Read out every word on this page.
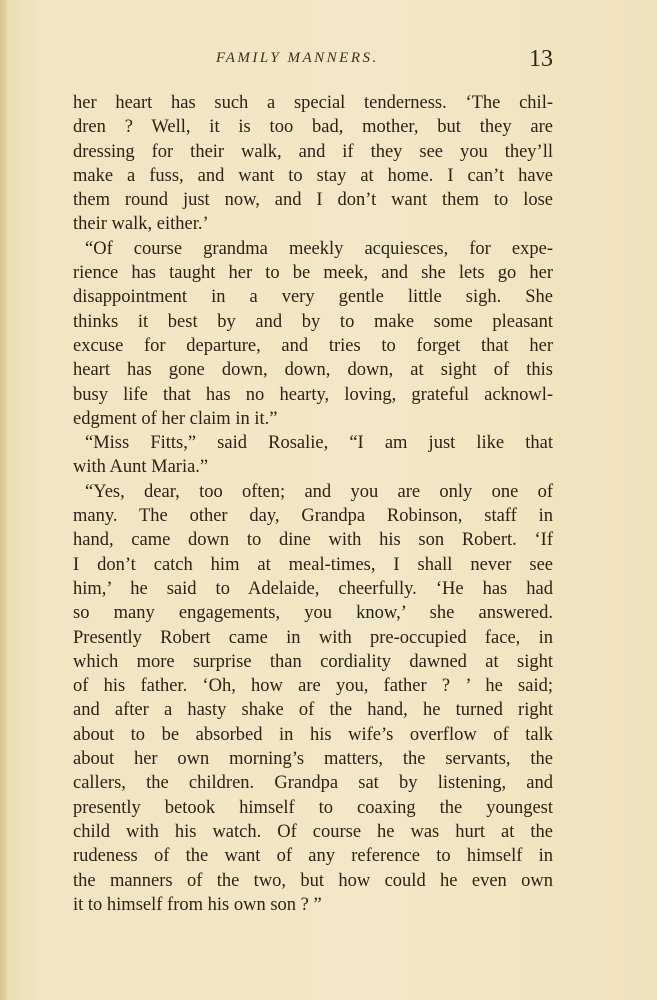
FAMILY MANNERS.	13
her heart has such a special tenderness. ‘The chil-
dren ? Well, it is too bad, mother, but they are
dressing for their walk, and if they see you they’ll
make a fuss, and want to stay at home. I can’t have
them round just now, and I don’t want them to lose
their walk, either.’
“Of course grandma meekly acquiesces, for expe-
rience has taught her to be meek, and she lets go her
disappointment in a very gentle little sigh. She
thinks it best by and by to make some pleasant
excuse for departure, and tries to forget that her
heart has gone down, down, down, at sight of this
busy life that has no hearty, loving, grateful acknowl-
edgment of her claim in it.”
“Miss Fitts,” said Rosalie, “I am just like that
with Aunt Maria.”
“Yes, dear, too often; and you are only one of
many. The other day, Grandpa Robinson, staff in
hand, came down to dine with his son Robert. ‘If
I don’t catch him at meal-times, I shall never see
him,’ he said to Adelaide, cheerfully. ‘He has had
so many engagements, you know,’ she answered.
Presently Robert came in with pre-occupied face, in
which more surprise than cordiality dawned at sight
of his father. ‘Oh, how are you, father ? ’ he said;
and after a hasty shake of the hand, he turned right
about to be absorbed in his wife’s overflow of talk
about her own morning’s matters, the servants, the
callers, the children. Grandpa sat by listening, and
presently betook himself to coaxing the youngest
child with his watch. Of course he was hurt at the
rudeness of the want of any reference to himself in
the manners of the two, but how could he even own
it to himself from his own son ? ”
